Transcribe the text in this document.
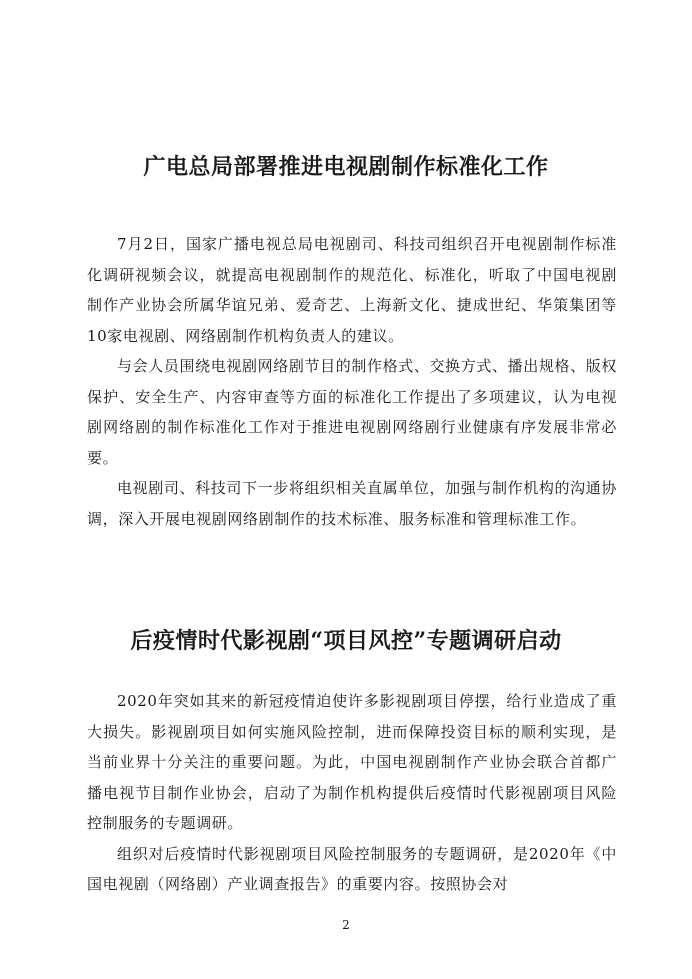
广电总局部署推进电视剧制作标准化工作

7月2日，国家广播电视总局电视剧司、科技司组织召开电视剧制作标准化调研视频会议，就提高电视剧制作的规范化、标准化，听取了中国电视剧制作产业协会所属华谊兄弟、爱奇艺、上海新文化、捷成世纪、华策集团等10家电视剧、网络剧制作机构负责人的建议。

与会人员围绕电视剧网络剧节目的制作格式、交换方式、播出规格、版权保护、安全生产、内容审查等方面的标准化工作提出了多项建议，认为电视剧网络剧的制作标准化工作对于推进电视剧网络剧行业健康有序发展非常必要。

电视剧司、科技司下一步将组织相关直属单位，加强与制作机构的沟通协调，深入开展电视剧网络剧制作的技术标准、服务标准和管理标准工作。

后疫情时代影视剧“项目风控”专题调研启动

2020年突如其来的新冠疫情迫使许多影视剧项目停摆，给行业造成了重大损失。影视剧项目如何实施风险控制，进而保障投资目标的顺利实现，是当前业界十分关注的重要问题。为此，中国电视剧制作产业协会联合首都广播电视节目制作业协会，启动了为制作机构提供后疫情时代影视剧项目风险控制服务的专题调研。

组织对后疫情时代影视剧项目风险控制服务的专题调研，是2020年《中国电视剧（网络剧）产业调查报告》的重要内容。按照协会对

2
